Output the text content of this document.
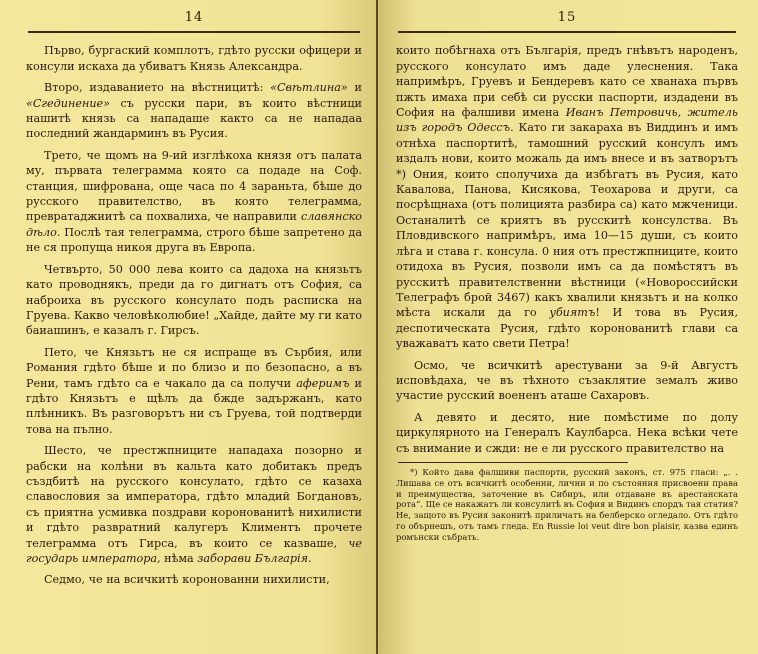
14

Първо, бургаский комплотъ, гдѣто русски офицери и консули искаха да убиватъ Князь Александра.

Второ, издаванието на вѣстницитѣ: «Свѣтлина» и «Сгединение» съ русски пари, въ които вѣстници нашитѣ князь са нападаше както са не нападаа последний жандарминъ въ Русия.

Трето, че щомъ на 9-ий изглѣкоха князя отъ палата му, първата телеграмма която са подаде на Соф. станция, шифрована, още часа по 4 зараньта, бѣше до русского правителство, въ която телеграмма, превратаджиитѣ са похвалиха, че направили славянско дѣло. Послѣ тая телеграмма, строго бѣше запретено да не ся пропуща никоя друга въ Европа.

Четвърто, 50 000 лева които са дадоха на князьтъ като проводнякъ, преди да го дигнатъ отъ София, са наброиха въ русского консулато подъ расписка на Груева. Какво человѣколюбие! „Хайде, дайте му ги като баиашинъ, е казалъ г. Гирсъ.

Пето, че Князьтъ не ся испраще въ Сърбия, или Романия гдѣто бѣше и по близо и по безопасно, а въ Рени, тамъ гдѣто са е чакало да са получи аферимъ и гдѣто Князьтъ е щѣлъ да бжде задържанъ, като плѣнникъ. Въ разговорътъ ни съ Груева, той подтверди това на пълно.

Шесто, че престжпниците нападаха позорно и рабски на колѣни въ кальта като добитакъ предъ създбитѣ на русского консулато, гдѣто се казаха славословия за императора, гдѣто младий Богдановъ, съ приятна усмивка поздрави коронованитѣ нихилисти и гдѣто развратний калугеръ Климентъ прочете телеграмма отъ Гирса, въ които се казваше, че государь императора, нѣма заборави Българія.

Седмо, че на всичкитѣ коронованни нихилисти,

15

които побѣгнаха отъ Българія, предъ гнѣвътъ народенъ, русского консулато имъ даде улеснения. Така напримѣръ, Груевъ и Бендеревъ като се хванаха първъ пжть имаха при себѣ си русски паспорти, издадени въ София на фалшиви имена Иванъ Петровичь, житель изъ городъ Одессъ. Като ги закараха въ Виддинъ и имъ отнѣха паспортитѣ, тамошний русский консулъ имъ издалъ нови, които можаль да имъ внесе и въ затворътъ *) Ония, които сполучиха да избѣгатъ въ Русия, като Кавалова, Панова, Кисякова, Теохарова и други, са посрѣщнаха (отъ полицията разбира са) като мжченици. Останалитѣ се криятъ въ русскитѣ консулства. Въ Пловдивского напримѣръ, има 10—15 души, съ които лѣга и става г. консула. 0 ния отъ престжпниците, които отидоха въ Русия, позволи имъ са да помѣстятъ въ русскитѣ правителственни вѣстници («Новороссийски Телеграфъ брой 3467) какъ хвалили князьтъ и на колко мѣста искали да го убиятъ! И това въ Русия, деспотическата Русия, гдѣто коронованитѣ глави са уважаватъ като свети Петра!

Осмо, че всичкитѣ арестувани за 9-й Августъ исповѣдаха, че въ тѣхното съзаклятие земалъ живо участие русский воененъ аташе Сахаровъ.

А девято и десято, ние помѣстиме по долу циркулярното на Генералъ Каулбарса. Нека всѣки чете съ внимание и сжди: не е ли русского правителство на

*) Който дава фалшиви паспорти, русский законъ, ст. 975 гласи: „. . Лишава се отъ всичкитѣ особенни, лични и по състояния присвоени права и преимущества, заточение въ Сибиръ, или отдаване въ арестанскатa рота“. Ще се накажатъ ли консулитѣ въ София и Видинъ спордъ тая статия? Не, защото въ Русия законитѣ приличатъ на белберско огледало. Отъ гдѣто го обърнешъ, отъ тамъ гледа. En Russie loi veut dire bon plaisir, казва единъ ромънски събрать.
